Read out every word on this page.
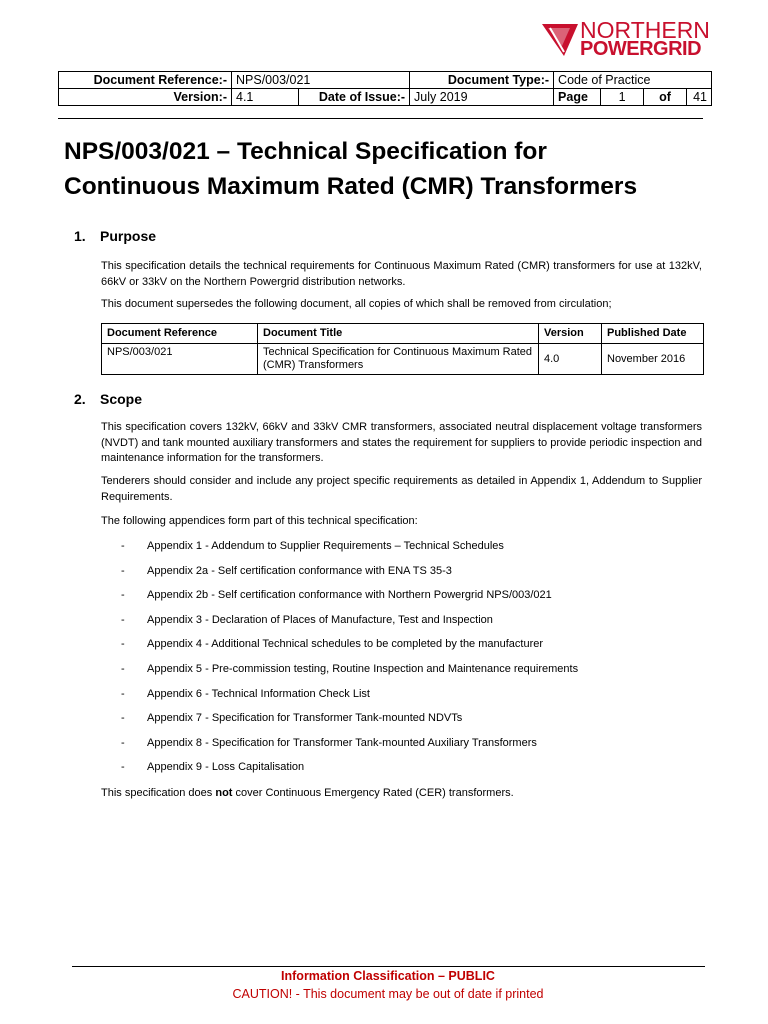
NORTHERN
POWERGRID
Document Reference:-	NPS/003/021		Document Type:-	Code of Practice			
Version:-	4.1	Date of Issue:-	July 2019	Page	1	of	41
NPS/003/021 – Technical Specification for
Continuous Maximum Rated (CMR) Transformers
1. Purpose

This specification details the technical requirements for Continuous Maximum Rated (CMR) transformers for use at 132kV, 66kV or 33kV on the Northern Powergrid distribution networks.

This document supersedes the following document, all copies of which shall be removed from circulation;

Document Reference	Document Title	Version	Published Date
NPS/003/021	Technical Specification for Continuous Maximum Rated (CMR) Transformers	4.0	November 2016
2. Scope

This specification covers 132kV, 66kV and 33kV CMR transformers, associated neutral displacement voltage transformers (NVDT) and tank mounted auxiliary transformers and states the requirement for suppliers to provide periodic inspection and maintenance information for the transformers.

Tenderers should consider and include any project specific requirements as detailed in Appendix 1, Addendum to Supplier Requirements.

The following appendices form part of this technical specification:

- Appendix 1 - Addendum to Supplier Requirements – Technical Schedules
- Appendix 2a - Self certification conformance with ENA TS 35-3
- Appendix 2b - Self certification conformance with Northern Powergrid NPS/003/021
- Appendix 3 - Declaration of Places of Manufacture, Test and Inspection
- Appendix 4 - Additional Technical schedules to be completed by the manufacturer
- Appendix 5 - Pre-commission testing, Routine Inspection and Maintenance requirements
- Appendix 6 - Technical Information Check List
- Appendix 7 - Specification for Transformer Tank-mounted NDVTs
- Appendix 8 - Specification for Transformer Tank-mounted Auxiliary Transformers
- Appendix 9 - Loss Capitalisation

This specification does not cover Continuous Emergency Rated (CER) transformers.

Information Classification – PUBLIC
CAUTION! - This document may be out of date if printed
